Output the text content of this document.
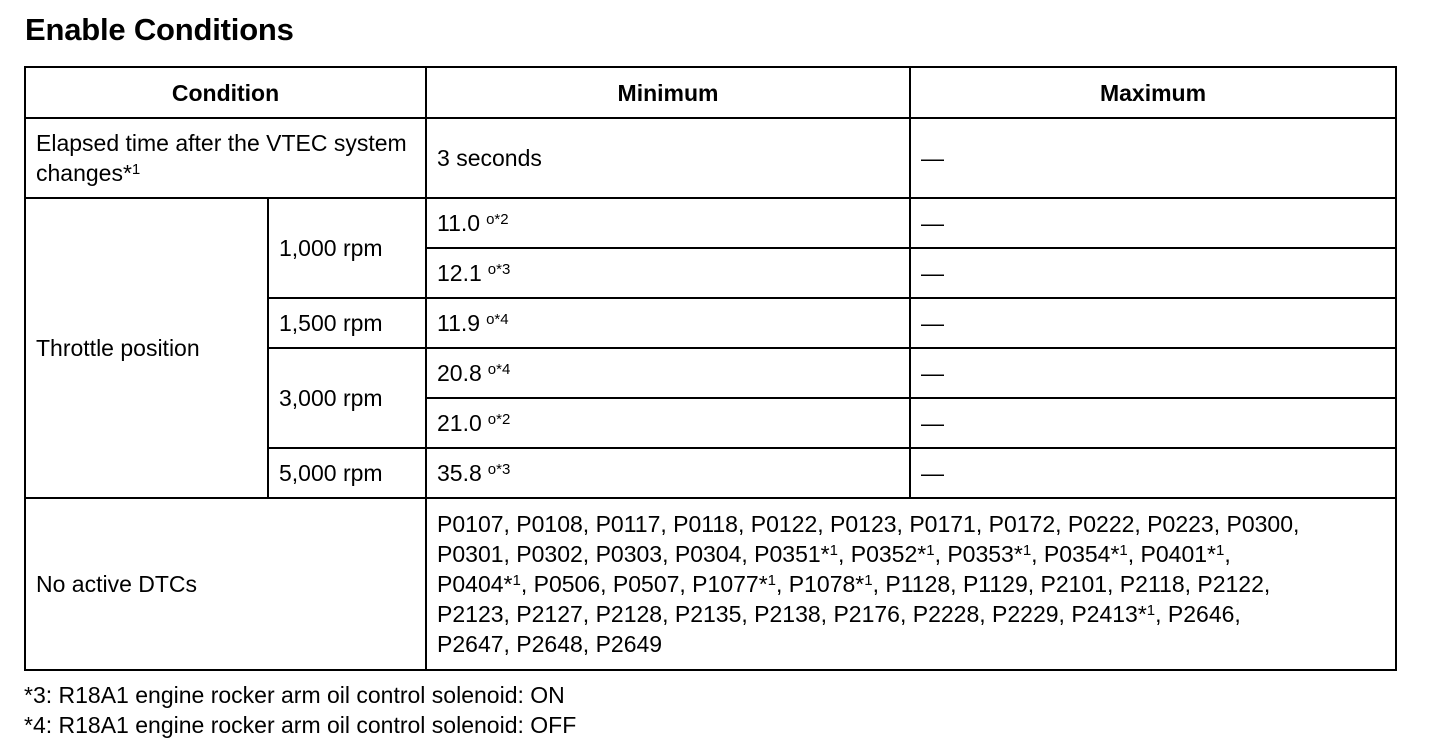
Enable Conditions
Condition		Minimum	Maximum
Elapsed time after the VTEC system changes*$^1$		3 seconds	—
Throttle position	1,000 rpm	11.0 $^{o*2}$	—
		12.1 $^{o*3}$	—
	1,500 rpm	11.9 $^{o*4}$	—
	3,000 rpm	20.8 $^{o*4}$	—
		21.0 $^{o*2}$	—
	5,000 rpm	35.8 $^{o*3}$	—
No active DTCs		P0107, P0108, P0117, P0118, P0122, P0123, P0171, P0172, P0222, P0223, P0300,
P0301, P0302, P0303, P0304, P0351*$^1$, P0352*$^1$, P0353*$^1$, P0354*$^1$, P0401*$^1$,
P0404*$^1$, P0506, P0507, P1077*$^1$, P1078*$^1$, P1128, P1129, P2101, P2118, P2122,
P2123, P2127, P2128, P2135, P2138, P2176, P2228, P2229, P2413*$^1$, P2646,
P2647, P2648, P2649	
*3: R18A1 engine rocker arm oil control solenoid: ON
*4: R18A1 engine rocker arm oil control solenoid: OFF
